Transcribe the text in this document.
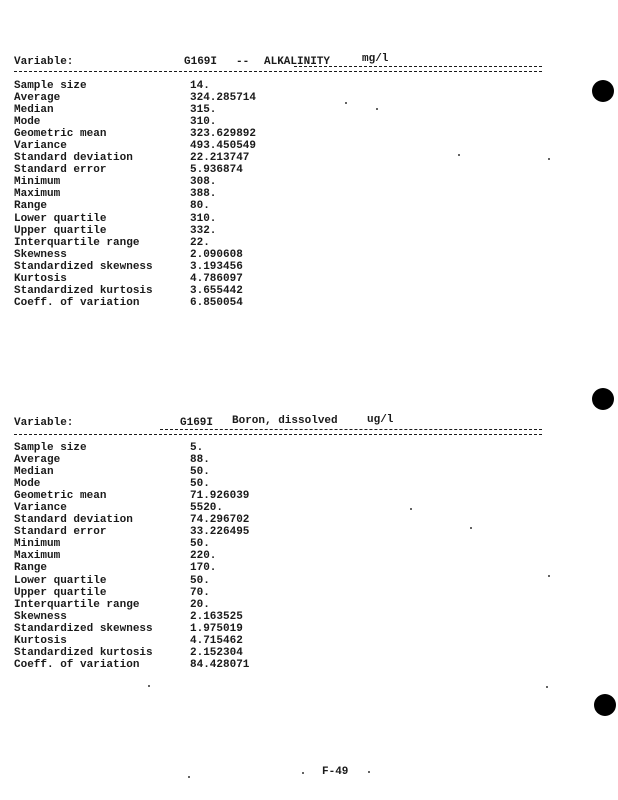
Variable:	G169I -- ALKALINITY	mg/l
Sample size	14.
Average	324.285714
Median	315.
Mode	310.
Geometric mean	323.629892
Variance	493.450549
Standard deviation	22.213747
Standard error	5.936874
Minimum	308.
Maximum	388.
Range	80.
Lower quartile	310.
Upper quartile	332.
Interquartile range	22.
Skewness	2.090608
Standardized skewness	3.193456
Kurtosis	4.786097
Standardized kurtosis	3.655442
Coeff. of variation	6.850054
Variable:	G169I Boron, dissolved	ug/l
Sample size	5.
Average	88.
Median	50.
Mode	50.
Geometric mean	71.926039
Variance	5520.
Standard deviation	74.296702
Standard error	33.226495
Minimum	50.
Maximum	220.
Range	170.
Lower quartile	50.
Upper quartile	70.
Interquartile range	20.
Skewness	2.163525
Standardized skewness	1.975019
Kurtosis	4.715462
Standardized kurtosis	2.152304
Coeff. of variation	84.428071
F-49
